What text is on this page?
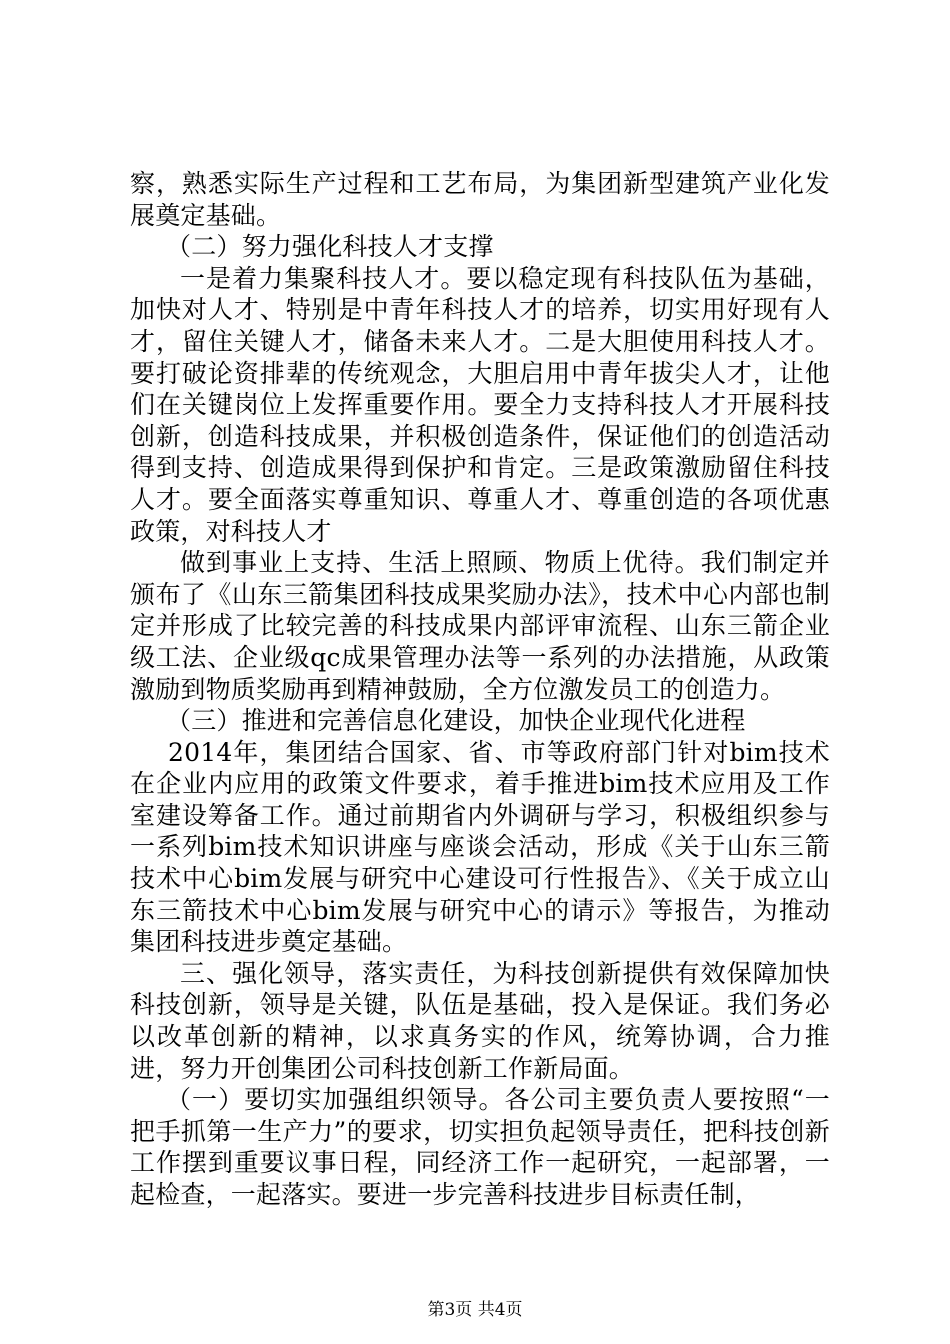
察，熟悉实际生产过程和工艺布局，为集团新型建筑产业化发展奠定基础。

（二）努力强化科技人才支撑

一是着力集聚科技人才。要以稳定现有科技队伍为基础，加快对人才、特别是中青年科技人才的培养，切实用好现有人才，留住关键人才，储备未来人才。二是大胆使用科技人才。要打破论资排辈的传统观念，大胆启用中青年拔尖人才，让他们在关键岗位上发挥重要作用。要全力支持科技人才开展科技创新，创造科技成果，并积极创造条件，保证他们的创造活动得到支持、创造成果得到保护和肯定。三是政策激励留住科技人才。要全面落实尊重知识、尊重人才、尊重创造的各项优惠政策，对科技人才

做到事业上支持、生活上照顾、物质上优待。我们制定并颁布了《山东三箭集团科技成果奖励办法》，技术中心内部也制定并形成了比较完善的科技成果内部评审流程、山东三箭企业级工法、企业级qc成果管理办法等一系列的办法措施，从政策激励到物质奖励再到精神鼓励，全方位激发员工的创造力。

（三）推进和完善信息化建设，加快企业现代化进程

2014年，集团结合国家、省、市等政府部门针对bim技术在企业内应用的政策文件要求，着手推进bim技术应用及工作室建设筹备工作。通过前期省内外调研与学习，积极组织参与一系列bim技术知识讲座与座谈会活动，形成《关于山东三箭技术中心bim发展与研究中心建设可行性报告》、《关于成立山东三箭技术中心bim发展与研究中心的请示》等报告，为推动集团科技进步奠定基础。

三、强化领导，落实责任，为科技创新提供有效保障加快科技创新，领导是关键，队伍是基础，投入是保证。我们务必以改革创新的精神，以求真务实的作风，统筹协调，合力推进，努力开创集团公司科技创新工作新局面。

（一）要切实加强组织领导。各公司主要负责人要按照“一把手抓第一生产力”的要求，切实担负起领导责任，把科技创新工作摆到重要议事日程，同经济工作一起研究，一起部署，一起检查，一起落实。要进一步完善科技进步目标责任制，

第3页 共4页
